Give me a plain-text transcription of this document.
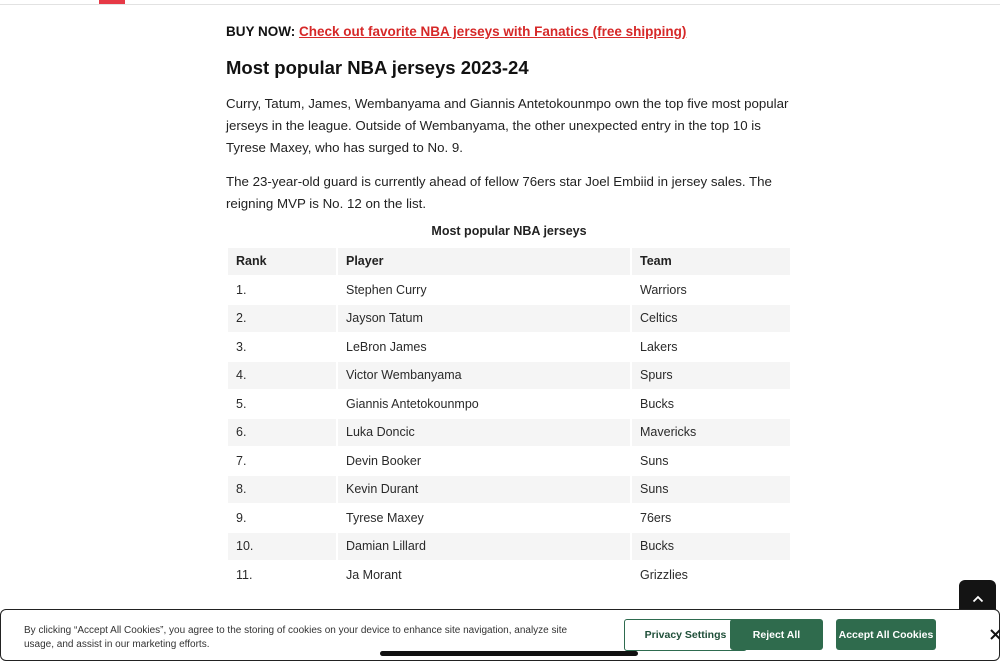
BUY NOW: Check out favorite NBA jerseys with Fanatics (free shipping)
Most popular NBA jerseys 2023-24

Curry, Tatum, James, Wembanyama and Giannis Antetokounmpo own the top five most popular jerseys in the league. Outside of Wembanyama, the other unexpected entry in the top 10 is Tyrese Maxey, who has surged to No. 9.

The 23-year-old guard is currently ahead of fellow 76ers star Joel Embiid in jersey sales. The reigning MVP is No. 12 on the list.

Most popular NBA jerseys
Rank	Player	Team
1.	Stephen Curry	Warriors
2.	Jayson Tatum	Celtics
3.	LeBron James	Lakers
4.	Victor Wembanyama	Spurs
5.	Giannis Antetokounmpo	Bucks
6.	Luka Doncic	Mavericks
7.	Devin Booker	Suns
8.	Kevin Durant	Suns
9.	Tyrese Maxey	76ers
10.	Damian Lillard	Bucks
11.	Ja Morant	Grizzlies

By clicking “Accept All Cookies”, you agree to the storing of cookies on your device to enhance site navigation, analyze site usage, and assist in our marketing efforts.

Privacy Settings	Reject All	Accept All Cookies
